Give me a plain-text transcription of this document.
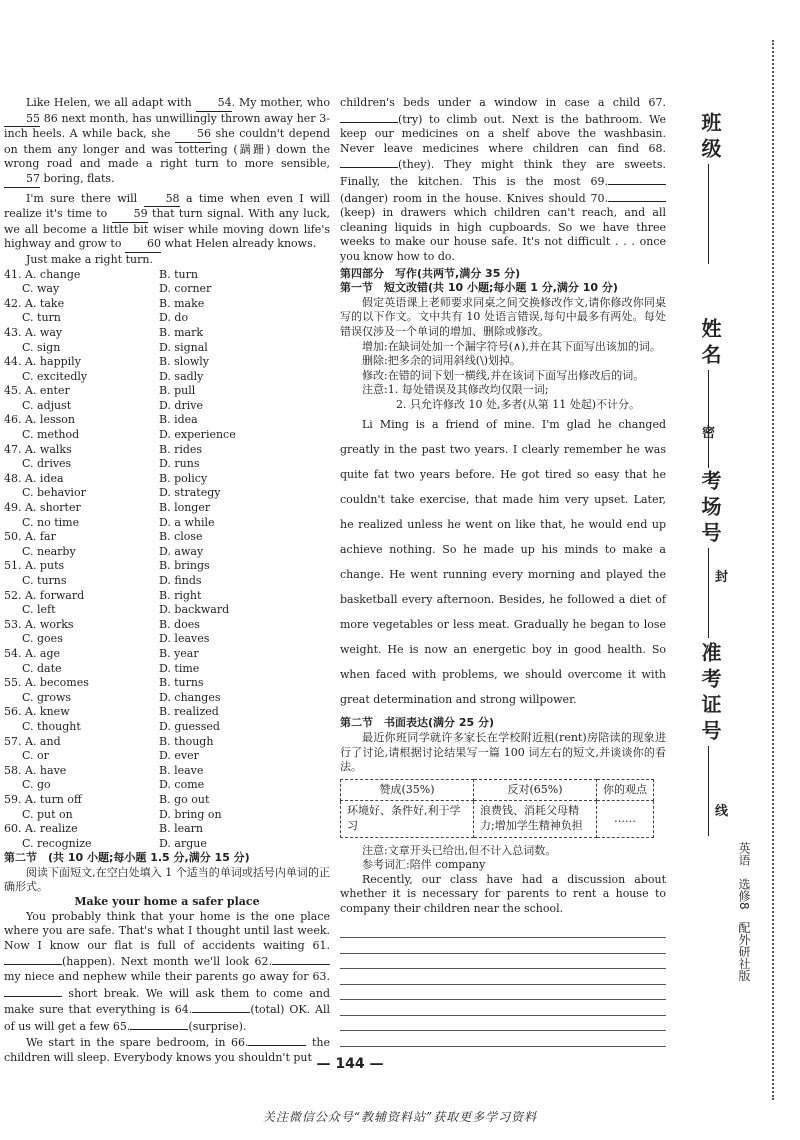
Like Helen, we all adapt with 54. My mother, who 55 86 next month, has unwillingly thrown away her 3-inch heels. A while back, she 56 she couldn't depend on them any longer and was tottering (蹒跚) down the wrong road and made a right turn to more sensible, 57 boring, flats.

I'm sure there will 58 a time when even I will realize it's time to 59 that turn signal. With any luck, we all become a little bit wiser while moving down life's highway and grow to 60 what Helen already knows.

Just make a right turn.

41. A. change	B. turn
C. way	D. corner
42. A. take	B. make
C. turn	D. do
43. A. way	B. mark
C. sign	D. signal
44. A. happily	B. slowly
C. excitedly	D. sadly
45. A. enter	B. pull
C. adjust	D. drive
46. A. lesson	B. idea
C. method	D. experience
47. A. walks	B. rides
C. drives	D. runs
48. A. idea	B. policy
C. behavior	D. strategy
49. A. shorter	B. longer
C. no time	D. a while
50. A. far	B. close
C. nearby	D. away
51. A. puts	B. brings
C. turns	D. finds
52. A. forward	B. right
C. left	D. backward
53. A. works	B. does
C. goes	D. leaves
54. A. age	B. year
C. date	D. time
55. A. becomes	B. turns
C. grows	D. changes
56. A. knew	B. realized
C. thought	D. guessed
57. A. and	B. though
C. or	D. ever
58. A. have	B. leave
C. go	D. come
59. A. turn off	B. go out
C. put on	D. bring on
60. A. realize	B. learn
C. recognize	D. argue
第二节　(共 10 小题;每小题 1.5 分,满分 15 分)

阅读下面短文,在空白处填入 1 个适当的单词或括号内单词的正确形式。

Make your home a safer place

You probably think that your home is the one place where you are safe. That's what I thought until last week. Now I know our flat is full of accidents waiting 61.(happen). Next month we'll look 62. my niece and nephew while their parents go away for 63. short break. We will ask them to come and make sure that everything is 64.	(total) OK. All of us will get a few 65.	(surprise).

We start in the spare bedroom, in 66.	the children will sleep. Everybody knows you shouldn't put

children's beds under a window in case a child 67.(try) to climb out. Next is the bathroom. We keep our medicines on a shelf above the washbasin. Never leave medicines where children can find 68.(they). They might think they are sweets. Finally, the kitchen. This is the most 69.(danger) room in the house. Knives should 70.(keep) in drawers which children can't reach, and all cleaning liquids in high cupboards. So we have three weeks to make our house safe. It's not difficult . . . once you know how to do.

第四部分　写作(共两节,满分 35 分)
第一节　短文改错(共 10 小题;每小题 1 分,满分 10 分)

假定英语课上老师要求同桌之间交换修改作文,请你修改你同桌写的以下作文。文中共有 10 处语言错误,每句中最多有两处。每处错误仅涉及一个单词的增加、删除或修改。

增加:在缺词处加一个漏字符号(∧),并在其下面写出该加的词。

删除:把多余的词用斜线(\)划掉。

修改:在错的词下划一横线,并在该词下面写出修改后的词。

注意:1. 每处错误及其修改均仅限一词;

2. 只允许修改 10 处,多者(从第 11 处起)不计分。

Li Ming is a friend of mine. I'm glad he changed greatly in the past two years. I clearly remember he was quite fat two years before. He got tired so easy that he couldn't take exercise, that made him very upset. Later, he realized unless he went on like that, he would end up achieve nothing. So he made up his minds to make a change. He went running every morning and played the basketball every afternoon. Besides, he followed a diet of more vegetables or less meat. Gradually he began to lose weight. He is now an energetic boy in good health. So when faced with problems, we should overcome it with great determination and strong willpower.

第二节　书面表达(满分 25 分)

最近你班同学就许多家长在学校附近租(rent)房陪读的现象进行了讨论,请根据讨论结果写一篇 100 词左右的短文,并谈谈你的看法。

赞成(35%)	反对(65%)	你的观点
环境好、条件好,利于学习	浪费钱、消耗父母精力;增加学生精神负担	……

注意:文章开头已给出,但不计入总词数。

参考词汇:陪伴 company

Recently, our class have had a discussion about whether it is necessary for parents to rent a house to company their children near the school.

— 144 —
关注微信公众号“教辅资料站”获取更多学习资料
班级
姓名
考场号
准考证号
密
封
线
英语　选修8　配外研社版
